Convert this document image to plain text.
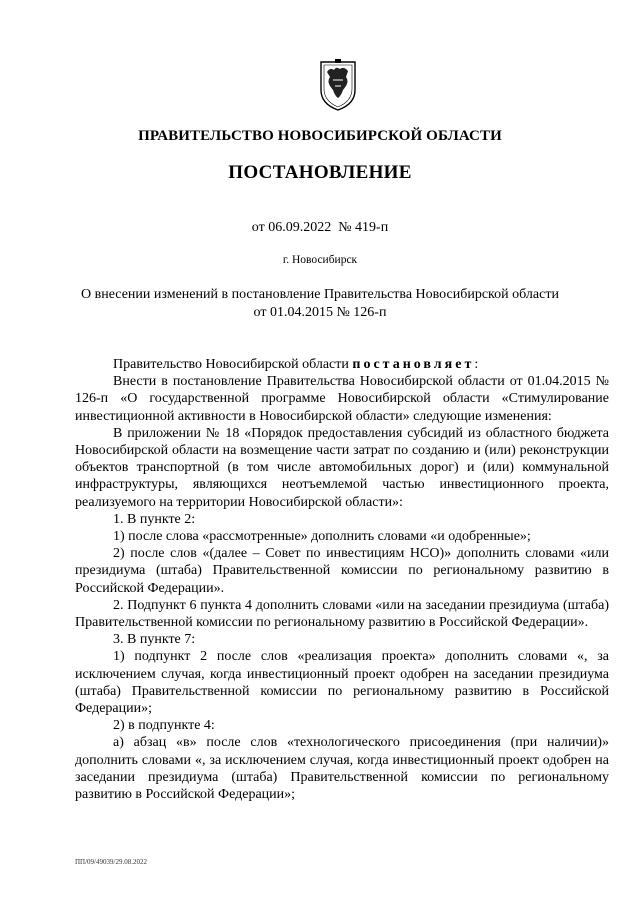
ПРАВИТЕЛЬСТВО НОВОСИБИРСКОЙ ОБЛАСТИ
ПОСТАНОВЛЕНИЕ
от 06.09.2022 № 419-п
г. Новосибирск
О внесении изменений в постановление Правительства Новосибирской области
от 01.04.2015 № 126-п

Правительство Новосибирской области постановляет:

Внести в постановление Правительства Новосибирской области от 01.04.2015 № 126-п «О государственной программе Новосибирской области «Стимулирование инвестиционной активности в Новосибирской области» следующие изменения:

В приложении № 18 «Порядок предоставления субсидий из областного бюджета Новосибирской области на возмещение части затрат по созданию и (или) реконструкции объектов транспортной (в том числе автомобильных дорог) и (или) коммунальной инфраструктуры, являющихся неотъемлемой частью инвестиционного проекта, реализуемого на территории Новосибирской области»:

1. В пункте 2:

1) после слова «рассмотренные» дополнить словами «и одобренные»;

2) после слов «(далее – Совет по инвестициям НСО)» дополнить словами «или президиума (штаба) Правительственной комиссии по региональному развитию в Российской Федерации».

2. Подпункт 6 пункта 4 дополнить словами «или на заседании президиума (штаба) Правительственной комиссии по региональному развитию в Российской Федерации».

3. В пункте 7:

1) подпункт 2 после слов «реализация проекта» дополнить словами «, за исключением случая, когда инвестиционный проект одобрен на заседании президиума (штаба) Правительственной комиссии по региональному развитию в Российской Федерации»;

2) в подпункте 4:

а) абзац «в» после слов «технологического присоединения (при наличии)» дополнить словами «, за исключением случая, когда инвестиционный проект одобрен на заседании президиума (штаба) Правительственной комиссии по региональному развитию в Российской Федерации»;

ПП/09/49039/29.08.2022
